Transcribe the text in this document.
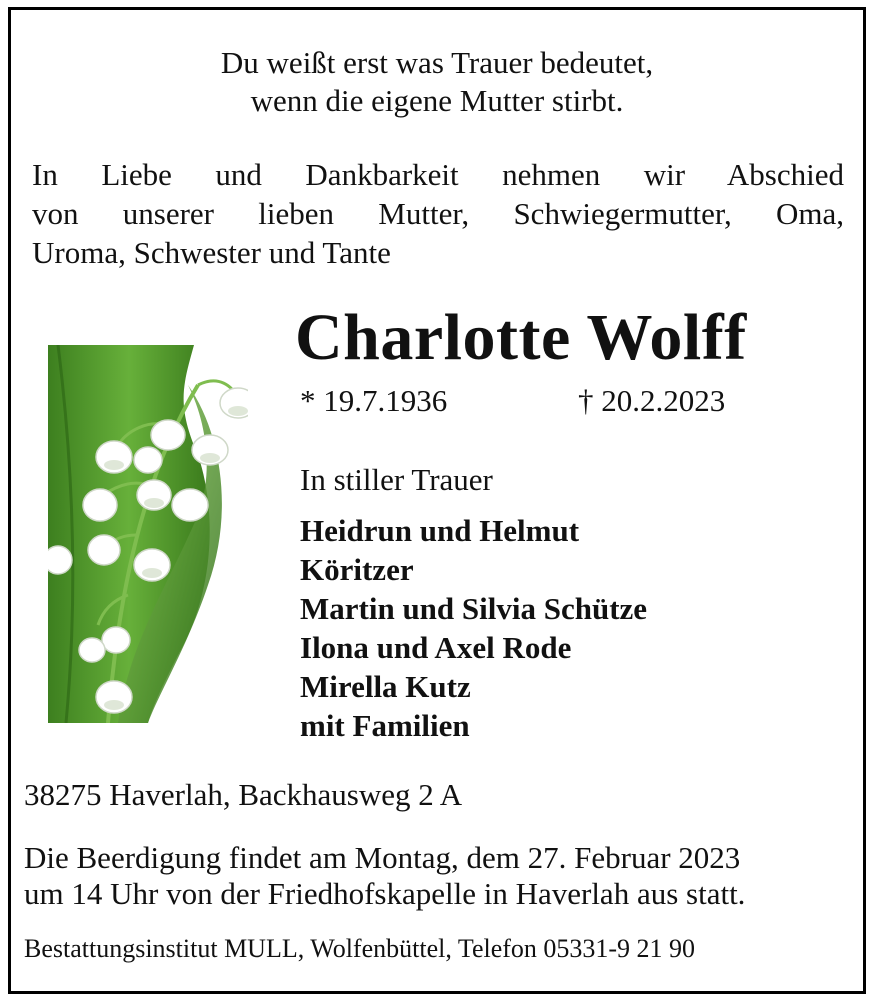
Du weißt erst was Trauer bedeutet,
wenn die eigene Mutter stirbt.
In Liebe und Dankbarkeit nehmen wir Abschied
von unserer lieben Mutter, Schwiegermutter, Oma,
Uroma, Schwester und Tante
Charlotte Wolff
* 19.7.1936	† 20.2.2023
In stiller Trauer
Heidrun und Helmut
Köritzer
Martin und Silvia Schütze
Ilona und Axel Rode
Mirella Kutz
mit Familien
38275 Haverlah, Backhausweg 2 A
Die Beerdigung findet am Montag, dem 27. Februar 2023
um 14 Uhr von der Friedhofskapelle in Haverlah aus statt.
Bestattungsinstitut MULL, Wolfenbüttel, Telefon 05331-9 21 90
